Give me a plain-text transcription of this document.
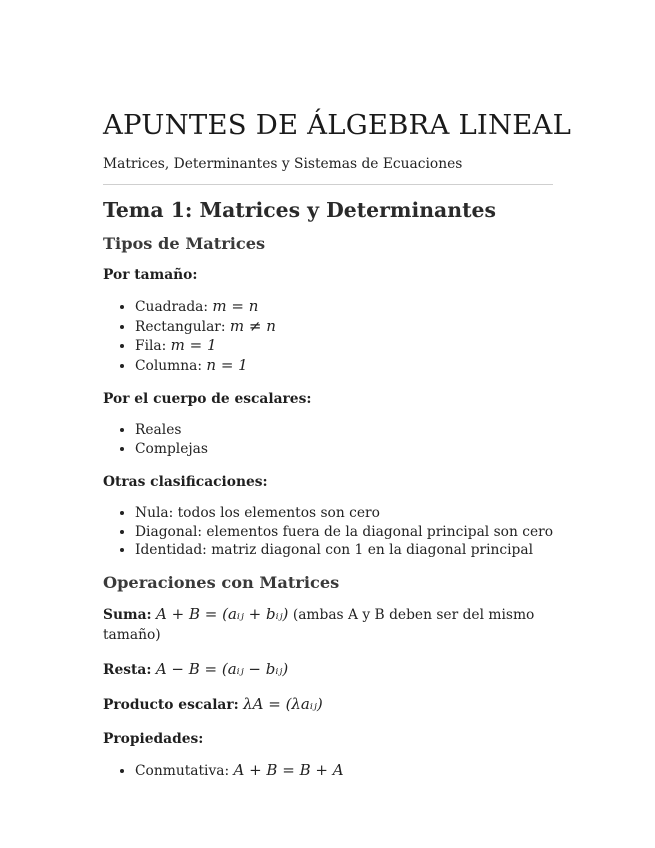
APUNTES DE ÁLGEBRA LINEAL

Matrices, Determinantes y Sistemas de Ecuaciones

Tema 1: Matrices y Determinantes
Tipos de Matrices

Por tamaño:

• Cuadrada: m = n
• Rectangular: m ≠ n
• Fila: m = 1
• Columna: n = 1

Por el cuerpo de escalares:

• Reales
• Complejas

Otras clasificaciones:

• Nula: todos los elementos son cero
• Diagonal: elementos fuera de la diagonal principal son cero
• Identidad: matriz diagonal con 1 en la diagonal principal
Operaciones con Matrices

Suma: A + B = (aᵢⱼ + bᵢⱼ) (ambas A y B deben ser del mismo tamaño)

Resta: A − B = (aᵢⱼ − bᵢⱼ)

Producto escalar: λA = (λaᵢⱼ)

Propiedades:

• Conmutativa: A + B = B + A
